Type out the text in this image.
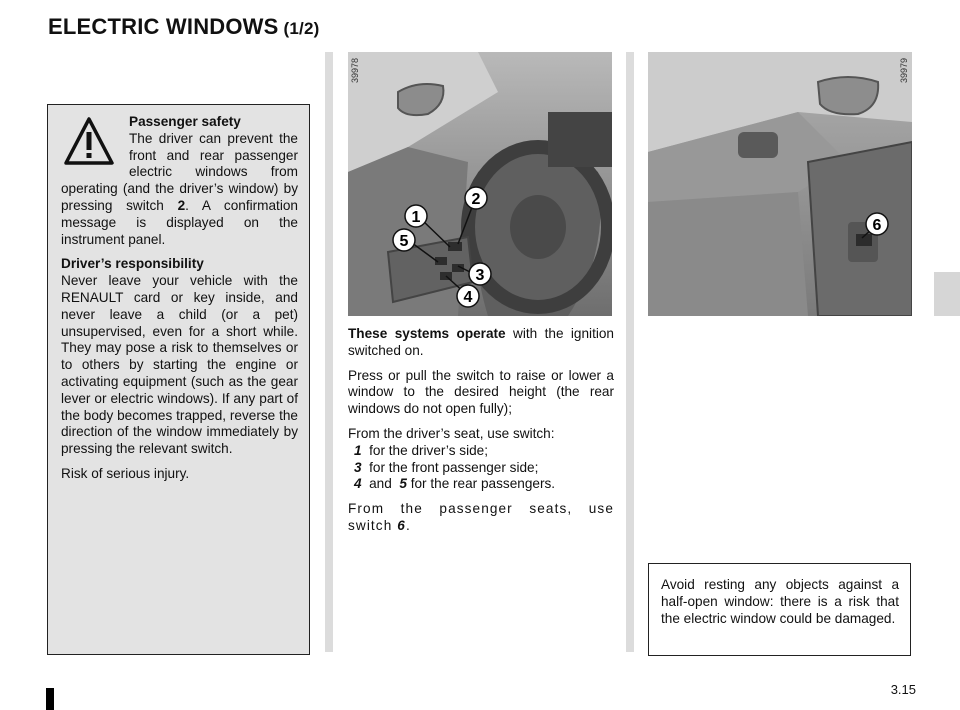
ELECTRIC WINDOWS (1/2)

Passenger safety
The driver can prevent the front and rear passenger electric windows from operating (and the driver’s window) by pressing switch 2. A confirmation message is displayed on the instrument panel.

Driver’s responsibility
Never leave your vehicle with the RENAULT card or key inside, and never leave a child (or a pet) unsupervised, even for a short while. They may pose a risk to themselves or to others by starting the engine or activating equipment (such as the gear lever or electric windows). If any part of the body becomes trapped, reverse the direction of the window immediately by pressing the relevant switch.

Risk of serious injury.

1
2
3
4
5
39978
6
39979

These systems operate with the ignition switched on.

Press or pull the switch to raise or lower a window to the desired height (the rear windows do not open fully);

From the driver’s seat, use switch:

1 for the driver’s side;
3 for the front passenger side;
4 and 5 for the rear passengers.

From the passenger seats, use switch 6.

Avoid resting any objects against a half-open window: there is a risk that the electric window could be damaged.
3.15
